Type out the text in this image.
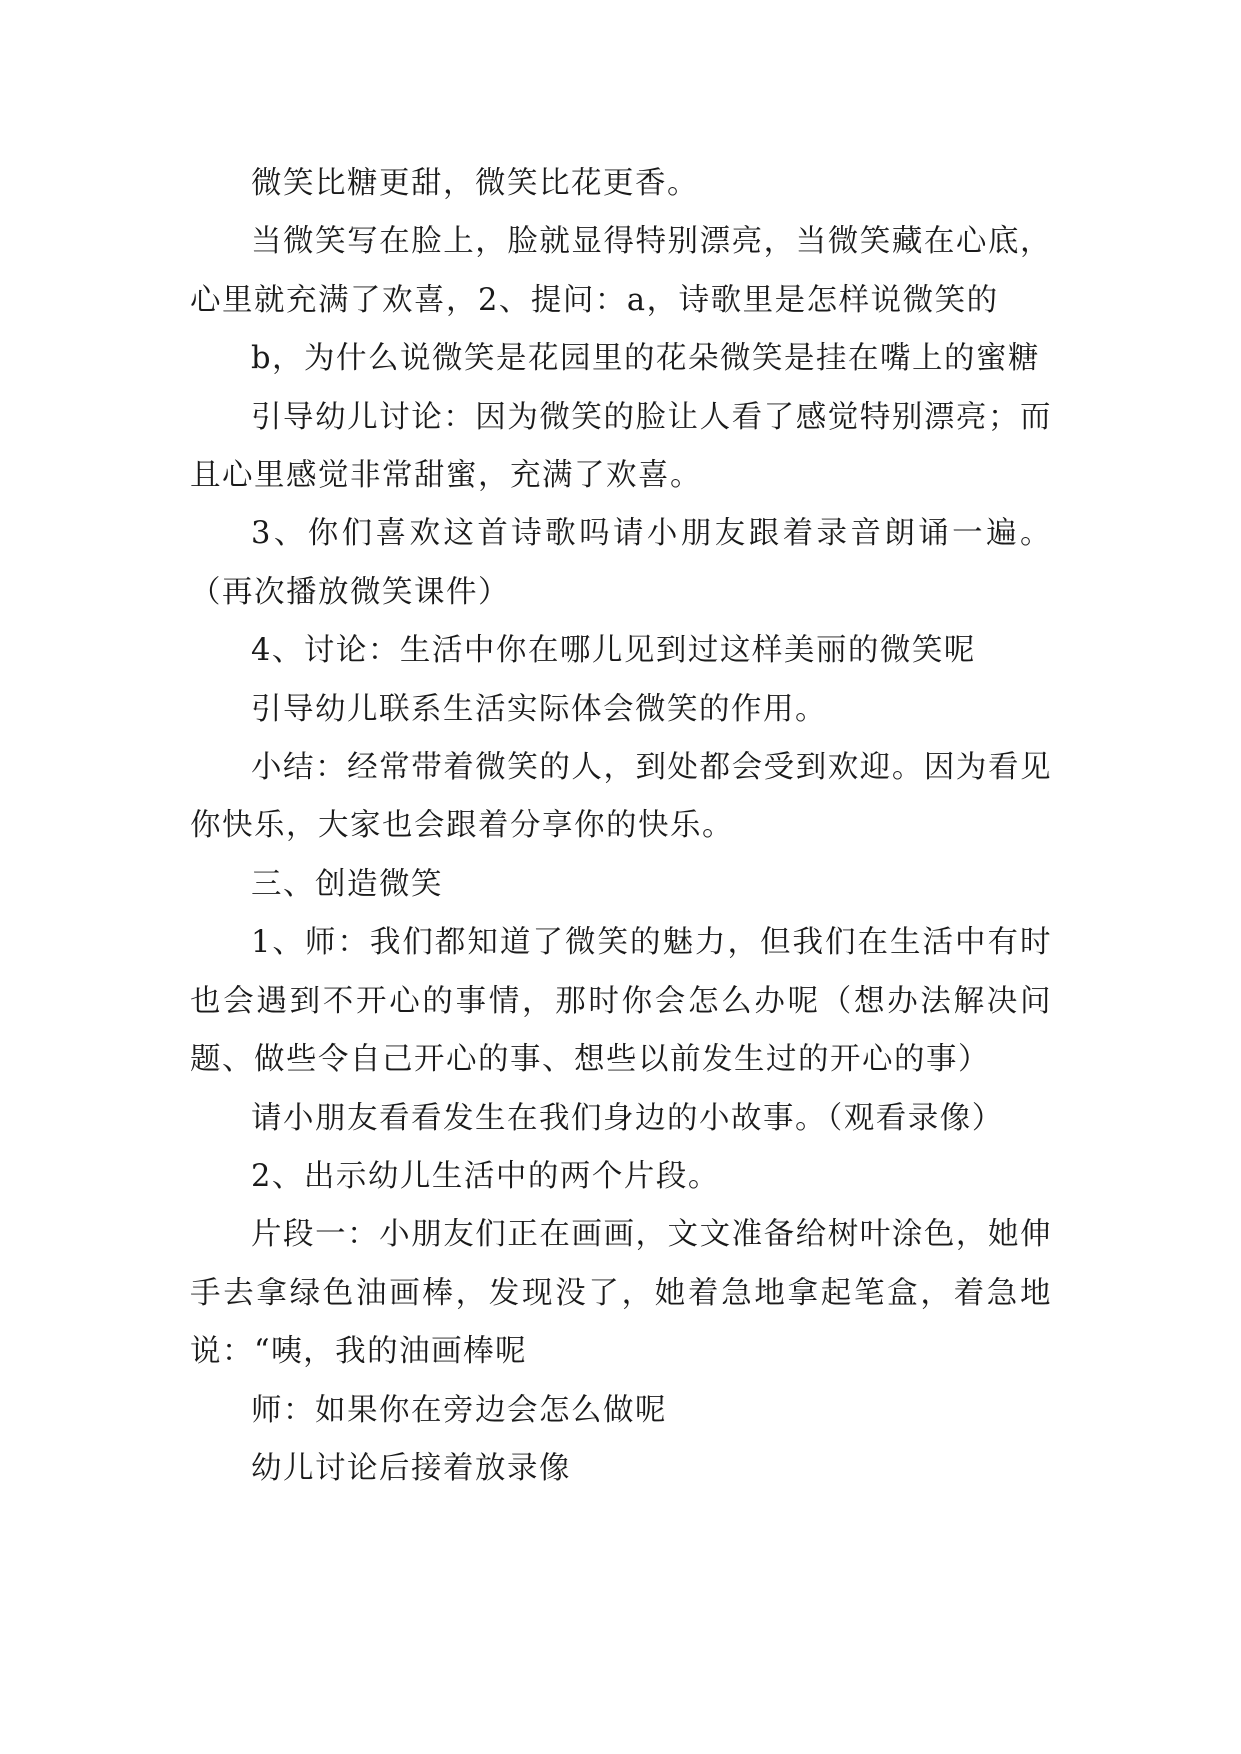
微笑比糖更甜，微笑比花更香。

当微笑写在脸上，脸就显得特别漂亮，当微笑藏在心底，心里就充满了欢喜，2、提问：a，诗歌里是怎样说微笑的

b，为什么说微笑是花园里的花朵微笑是挂在嘴上的蜜糖

引导幼儿讨论：因为微笑的脸让人看了感觉特别漂亮；而且心里感觉非常甜蜜，充满了欢喜。

3、你们喜欢这首诗歌吗请小朋友跟着录音朗诵一遍。（再次播放微笑课件）

4、讨论：生活中你在哪儿见到过这样美丽的微笑呢

引导幼儿联系生活实际体会微笑的作用。

小结：经常带着微笑的人，到处都会受到欢迎。因为看见你快乐，大家也会跟着分享你的快乐。

三、创造微笑

1、师：我们都知道了微笑的魅力，但我们在生活中有时也会遇到不开心的事情，那时你会怎么办呢（想办法解决问题、做些令自己开心的事、想些以前发生过的开心的事）

请小朋友看看发生在我们身边的小故事。（观看录像）

2、出示幼儿生活中的两个片段。

片段一：小朋友们正在画画，文文准备给树叶涂色，她伸手去拿绿色油画棒，发现没了，她着急地拿起笔盒，着急地说：“咦，我的油画棒呢

师：如果你在旁边会怎么做呢

幼儿讨论后接着放录像
